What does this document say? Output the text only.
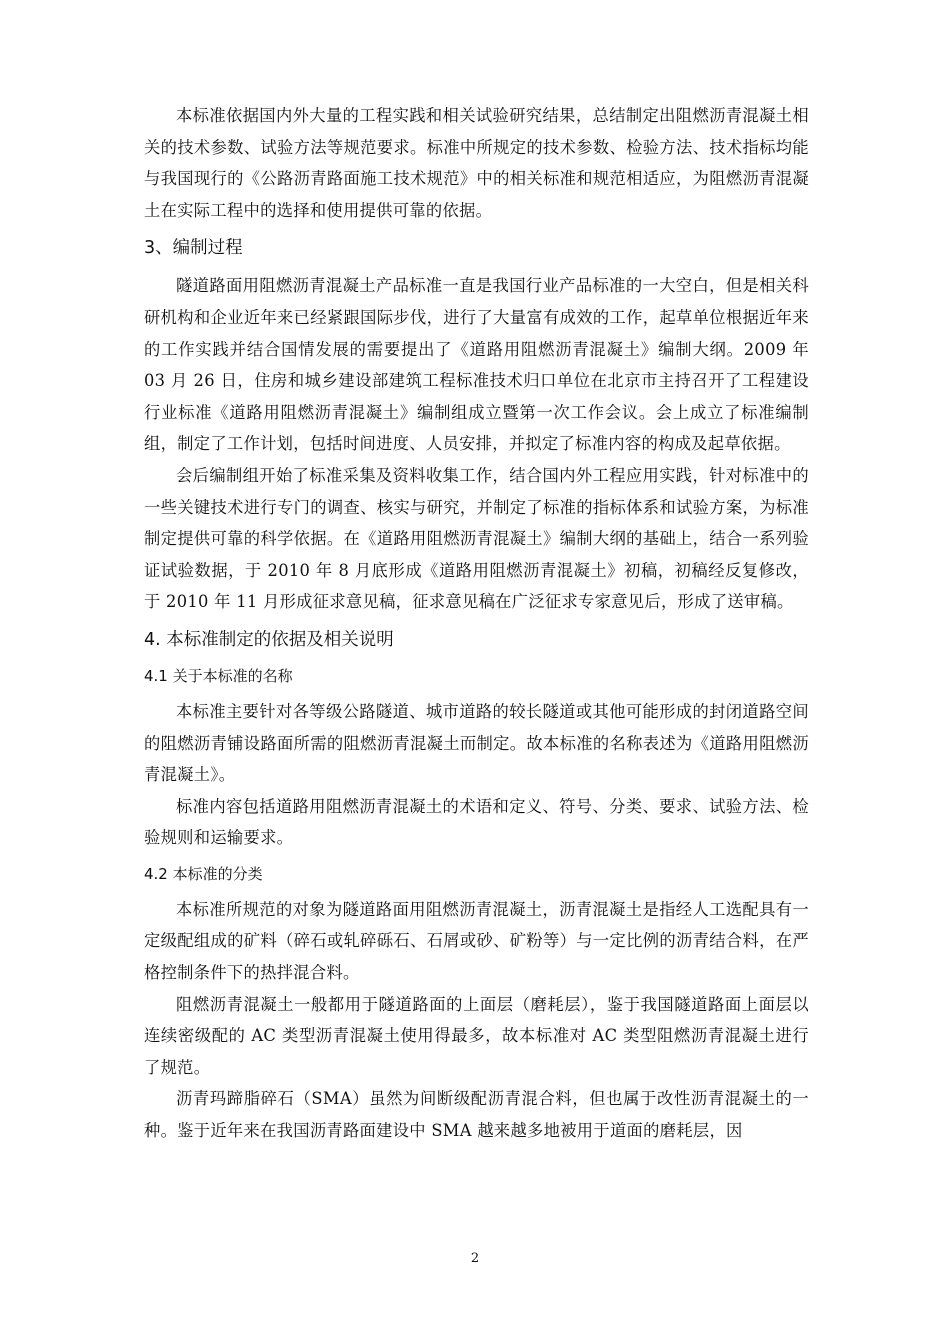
本标准依据国内外大量的工程实践和相关试验研究结果，总结制定出阻燃沥青混凝土相关的技术参数、试验方法等规范要求。标准中所规定的技术参数、检验方法、技术指标均能与我国现行的《公路沥青路面施工技术规范》中的相关标准和规范相适应，为阻燃沥青混凝土在实际工程中的选择和使用提供可靠的依据。

3、编制过程

隧道路面用阻燃沥青混凝土产品标准一直是我国行业产品标准的一大空白，但是相关科研机构和企业近年来已经紧跟国际步伐，进行了大量富有成效的工作，起草单位根据近年来的工作实践并结合国情发展的需要提出了《道路用阻燃沥青混凝土》编制大纲。2009 年 03 月 26 日，住房和城乡建设部建筑工程标准技术归口单位在北京市主持召开了工程建设行业标准《道路用阻燃沥青混凝土》编制组成立暨第一次工作会议。会上成立了标准编制组，制定了工作计划，包括时间进度、人员安排，并拟定了标准内容的构成及起草依据。

会后编制组开始了标准采集及资料收集工作，结合国内外工程应用实践，针对标准中的一些关键技术进行专门的调查、核实与研究，并制定了标准的指标体系和试验方案，为标准制定提供可靠的科学依据。在《道路用阻燃沥青混凝土》编制大纲的基础上，结合一系列验证试验数据，于 2010 年 8 月底形成《道路用阻燃沥青混凝土》初稿，初稿经反复修改，于 2010 年 11 月形成征求意见稿，征求意见稿在广泛征求专家意见后，形成了送审稿。

4. 本标准制定的依据及相关说明
4.1 关于本标准的名称

本标准主要针对各等级公路隧道、城市道路的较长隧道或其他可能形成的封闭道路空间的阻燃沥青铺设路面所需的阻燃沥青混凝土而制定。故本标准的名称表述为《道路用阻燃沥青混凝土》。

标准内容包括道路用阻燃沥青混凝土的术语和定义、符号、分类、要求、试验方法、检验规则和运输要求。

4.2 本标准的分类

本标准所规范的对象为隧道路面用阻燃沥青混凝土，沥青混凝土是指经人工选配具有一定级配组成的矿料（碎石或轧碎砾石、石屑或砂、矿粉等）与一定比例的沥青结合料，在严格控制条件下的热拌混合料。

阻燃沥青混凝土一般都用于隧道路面的上面层（磨耗层），鉴于我国隧道路面上面层以连续密级配的 AC 类型沥青混凝土使用得最多，故本标准对 AC 类型阻燃沥青混凝土进行了规范。

沥青玛蹄脂碎石（SMA）虽然为间断级配沥青混合料，但也属于改性沥青混凝土的一种。鉴于近年来在我国沥青路面建设中 SMA 越来越多地被用于道面的磨耗层，因

2
